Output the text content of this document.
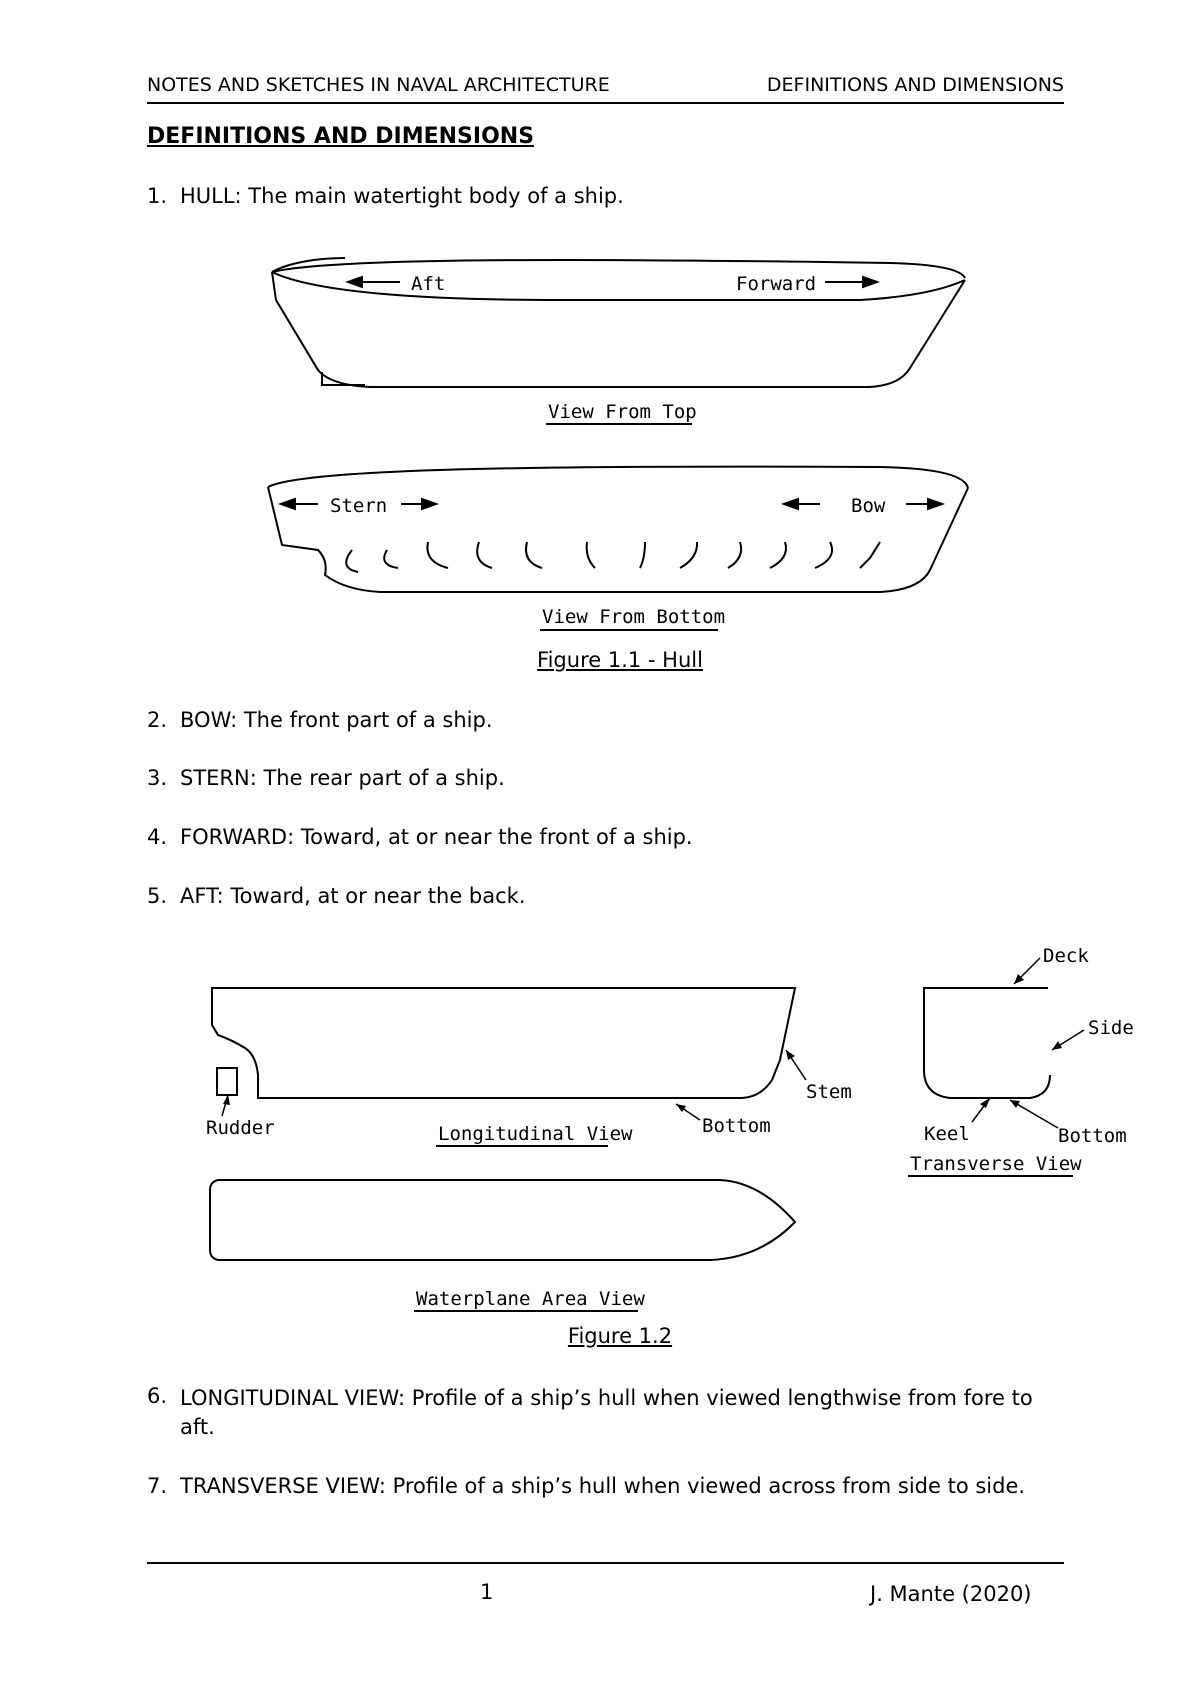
NOTES AND SKETCHES IN NAVAL ARCHITECTURE	DEFINITIONS AND DIMENSIONS
DEFINITIONS AND DIMENSIONS
1. HULL: The main watertight body of a ship.
Aft	Forward
View From Top
Stern	Bow
View From Bottom
Figure 1.1 - Hull
2. BOW: The front part of a ship.
3. STERN: The rear part of a ship.
4. FORWARD: Toward, at or near the front of a ship.
5. AFT: Toward, at or near the back.
Rudder	Longitudinal View	Bottom
Stem
Deck
Side
Keel	Bottom
Transverse View
Waterplane Area View
Figure 1.2
6. LONGITUDINAL VIEW: Profile of a ship’s hull when viewed lengthwise from fore to aft.
7. TRANSVERSE VIEW: Profile of a ship’s hull when viewed across from side to side.
1	J. Mante (2020)
